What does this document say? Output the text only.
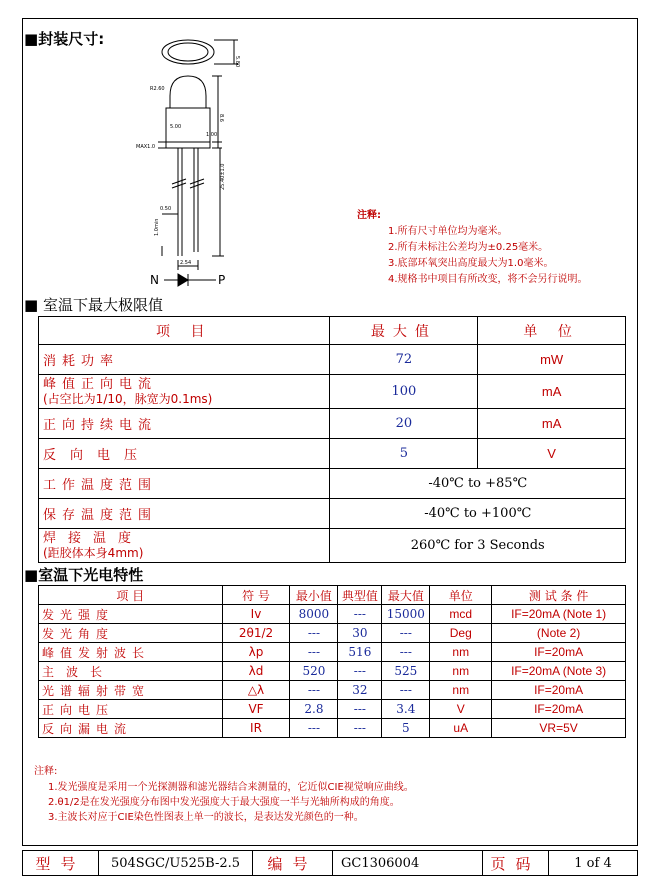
■封装尺寸:
5.80
R2.60
8.6
5.00
1.00
MAX1.0
0.50
1.0min
25.40±1.0
2.54
N	P
注释:
1.所有尺寸单位均为毫米。
2.所有未标注公差均为±0.25毫米。
3.底部环氧突出高度最大为1.0毫米。
4.规格书中项目有所改变，将不会另行说明。
■ 室温下最大极限值
项 目	最大值	单 位
消耗功率	72	mW
峰值正向电流
(占空比为1/10，脉宽为0.1ms)	100	mA
正向持续电流	20	mA
反向电压	5	V
工作温度范围	-40℃ to +85℃	
保存温度范围	-40℃ to +100℃	
焊接温度
(距胶体本身4mm)	260℃ for 3 Seconds	
■室温下光电特性
项 目	符 号	最小值	典型值	最大值	单位	测 试 条 件
发光强度	Iv	8000	---	15000	mcd	IF=20mA (Note 1)
发光角度	2θ1/2	---	30	---	Deg	(Note 2)
峰值发射波长	λp	---	516	---	nm	IF=20mA
主波长	λd	520	---	525	nm	IF=20mA (Note 3)
光谱辐射带宽	△λ	---	32	---	nm	IF=20mA
正向电压	VF	2.8	---	3.4	V	IF=20mA
反向漏电流	IR	---	---	5	uA	VR=5V
注释:
1.发光强度是采用一个光探测器和滤光器结合来测量的，它近似CIE视觉响应曲线。
2.θ1/2是在发光强度分布图中发光强度大于最大强度一半与光轴所构成的角度。
3.主波长对应于CIE染色性图表上单一的波长，是表达发光颜色的一种。
型号	504SGC/U525B-2.5	编号	GC1306004	页码	1 of 4
